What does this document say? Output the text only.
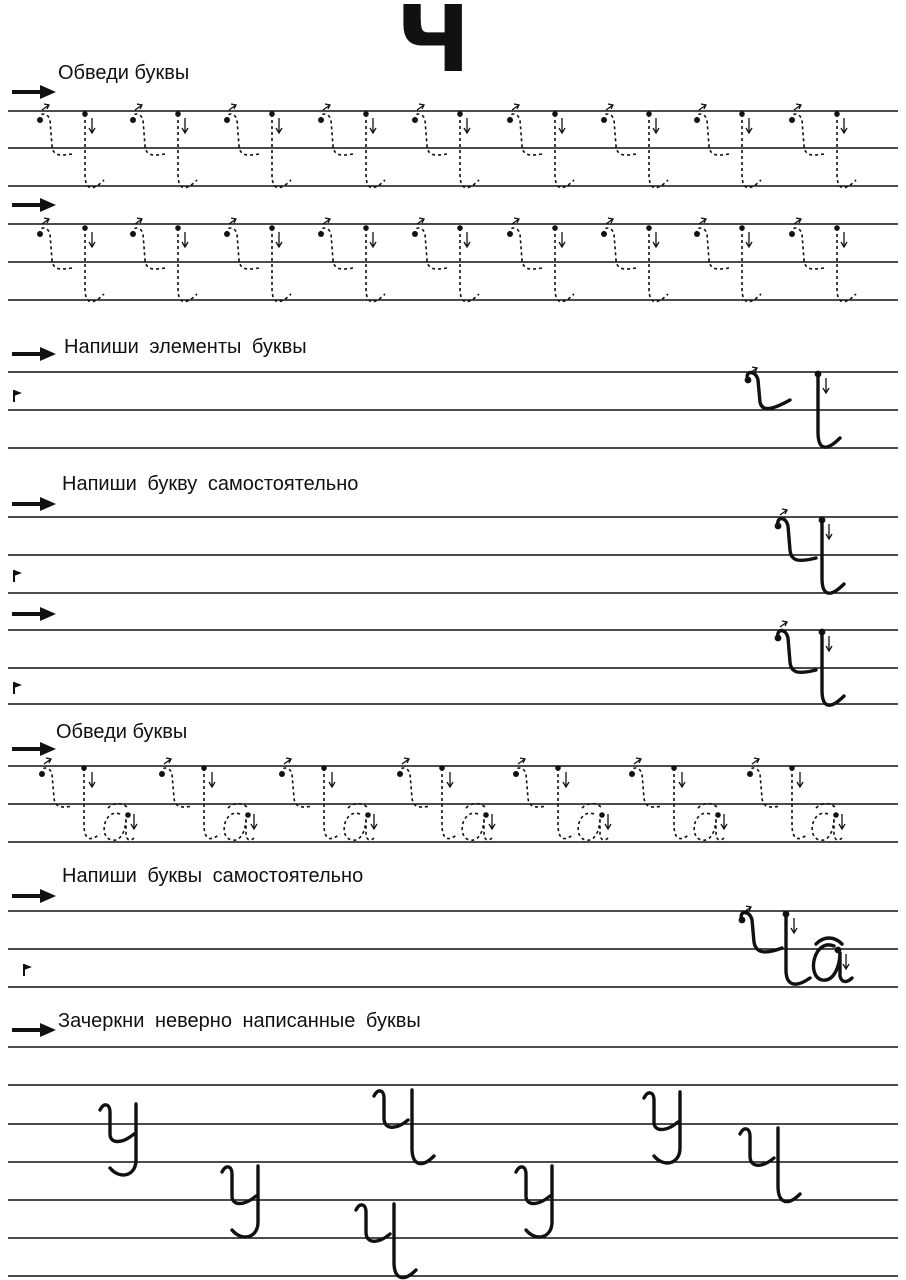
Ч
Обведи буквы
Напиши элементы буквы
Напиши букву самостоятельно
Обведи буквы
Напиши буквы самостоятельно
Зачеркни неверно написанные буквы
